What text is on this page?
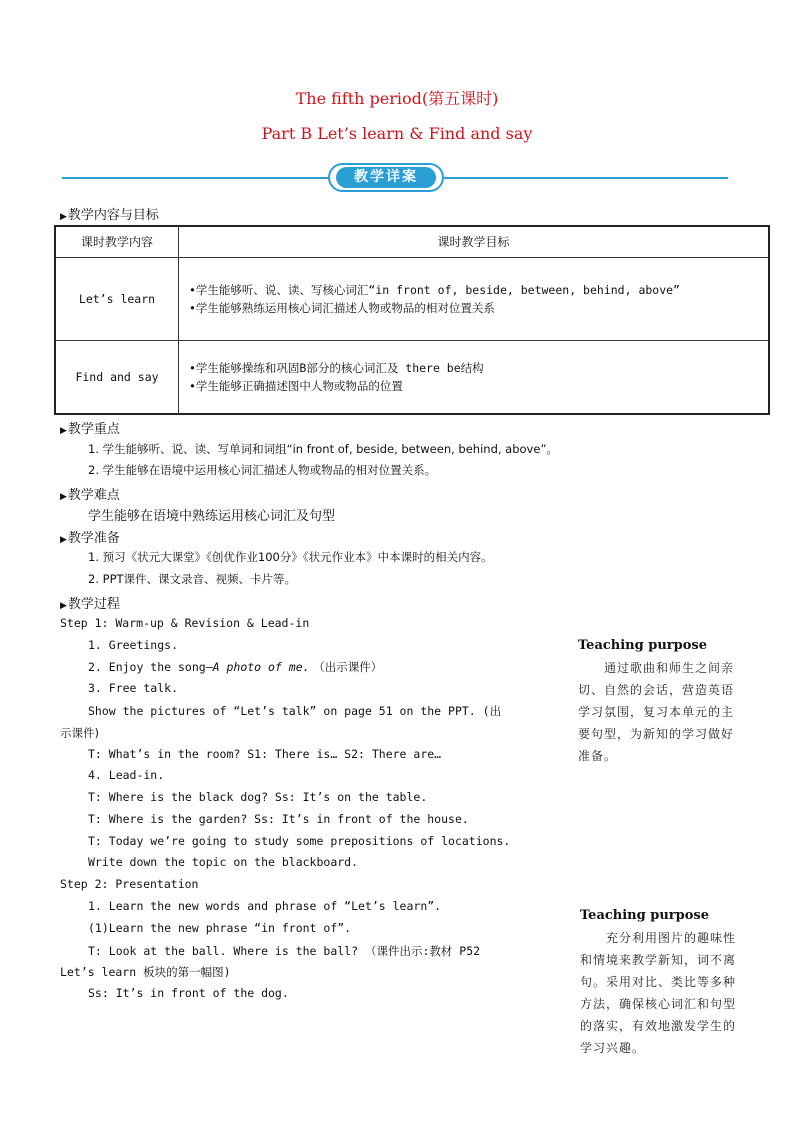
The fifth period(第五课时)
Part B Let’s learn & Find and say
教学详案
▶教学内容与目标
课时教学内容	课时教学目标
Let’s learn	•学生能够听、说、读、写核心词汇“in front of, beside, between, behind, above”
•学生能够熟练运用核心词汇描述人物或物品的相对位置关系

Find and say	•学生能够操练和巩固B部分的核心词汇及 there be结构
•学生能够正确描述图中人物或物品的位置
▶教学重点
1. 学生能够听、说、读、写单词和词组“in front of, beside, between, behind, above”。
2. 学生能够在语境中运用核心词汇描述人物或物品的相对位置关系。
▶教学难点
学生能够在语境中熟练运用核心词汇及句型
▶教学准备
1. 预习《状元大课堂》《创优作业100分》《状元作业本》中本课时的相关内容。
2. PPT课件、课文录音、视频、卡片等。
▶教学过程
Step 1: Warm-up & Revision & Lead-in
1. Greetings.
2. Enjoy the song—A photo of me. （出示课件）
3. Free talk.
Show the pictures of “Let’s talk” on page 51 on the PPT. (出
示课件)
T: What’s in the room? S1: There is… S2: There are…
4. Lead-in.
T: Where is the black dog? Ss: It’s on the table.
T: Where is the garden? Ss: It’s in front of the house.
T: Today we’re going to study some prepositions of locations.
Write down the topic on the blackboard.
Step 2: Presentation
1. Learn the new words and phrase of “Let’s learn”.
(1)Learn the new phrase “in front of”.
T: Look at the ball. Where is the ball? （课件出示:教材 P52
Let’s learn 板块的第一幅图)
Ss: It’s in front of the dog.
Teaching purpose
通过歌曲和师生之间亲
切、自然的会话，营造英语
学习氛围，复习本单元的主
要句型，为新知的学习做好
准备。
Teaching purpose
充分利用图片的趣味性
和情境来教学新知，词不离
句。采用对比、类比等多种
方法，确保核心词汇和句型
的落实，有效地激发学生的
学习兴趣。
